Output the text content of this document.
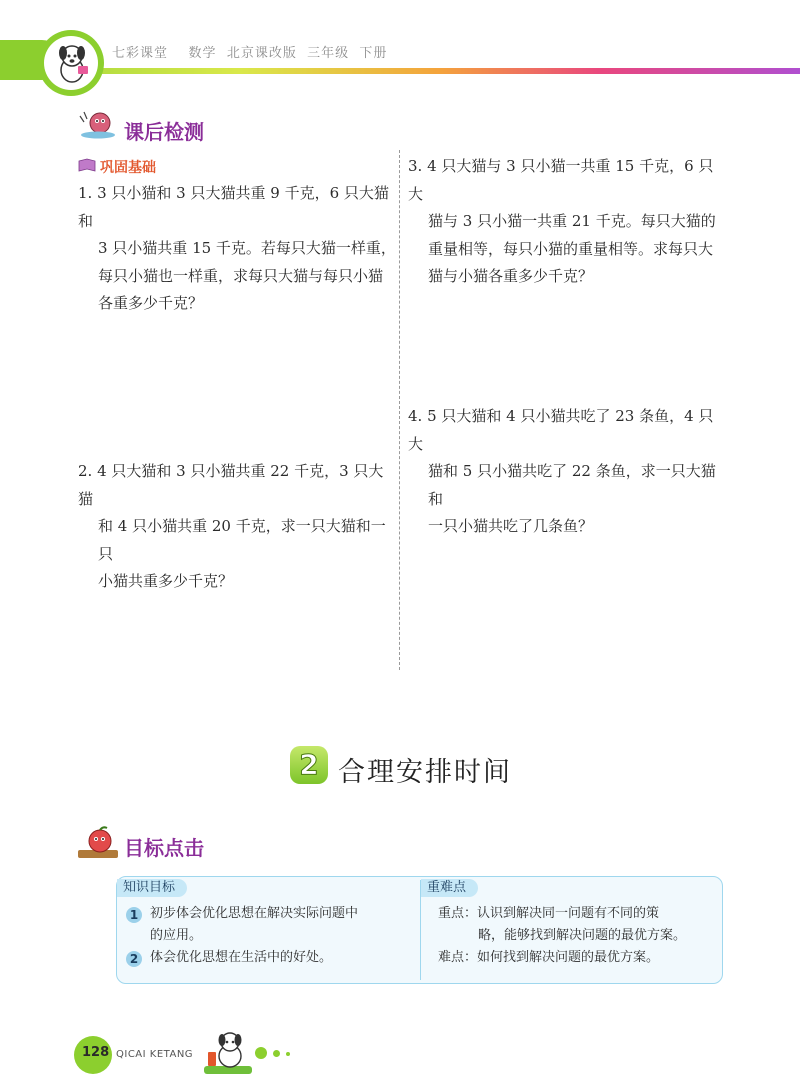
七彩课堂 数学 北京课改版 三年级 下册
课后检测
巩固基础

1. 3 只小猫和 3 只大猫共重 9 千克，6 只大猫和

3 只小猫共重 15 千克。若每只大猫一样重，

每只小猫也一样重，求每只大猫与每只小猫

各重多少千克？

2. 4 只大猫和 3 只小猫共重 22 千克，3 只大猫

和 4 只小猫共重 20 千克，求一只大猫和一只

小猫共重多少千克？

3. 4 只大猫与 3 只小猫一共重 15 千克，6 只大

猫与 3 只小猫一共重 21 千克。每只大猫的

重量相等，每只小猫的重量相等。求每只大

猫与小猫各重多少千克？

4. 5 只大猫和 4 只小猫共吃了 23 条鱼，4 只大

猫和 5 只小猫共吃了 22 条鱼，求一只大猫和

一只小猫共吃了几条鱼？

2 合理安排时间
目标点击
知识目标	重难点
1 初步体会优化思想在解决实际问题中
的应用。
2 体会优化思想在生活中的好处。
重点：认识到解决同一问题有不同的策
略，能够找到解决问题的最优方案。
难点：如何找到解决问题的最优方案。
128 QICAI KETANG
